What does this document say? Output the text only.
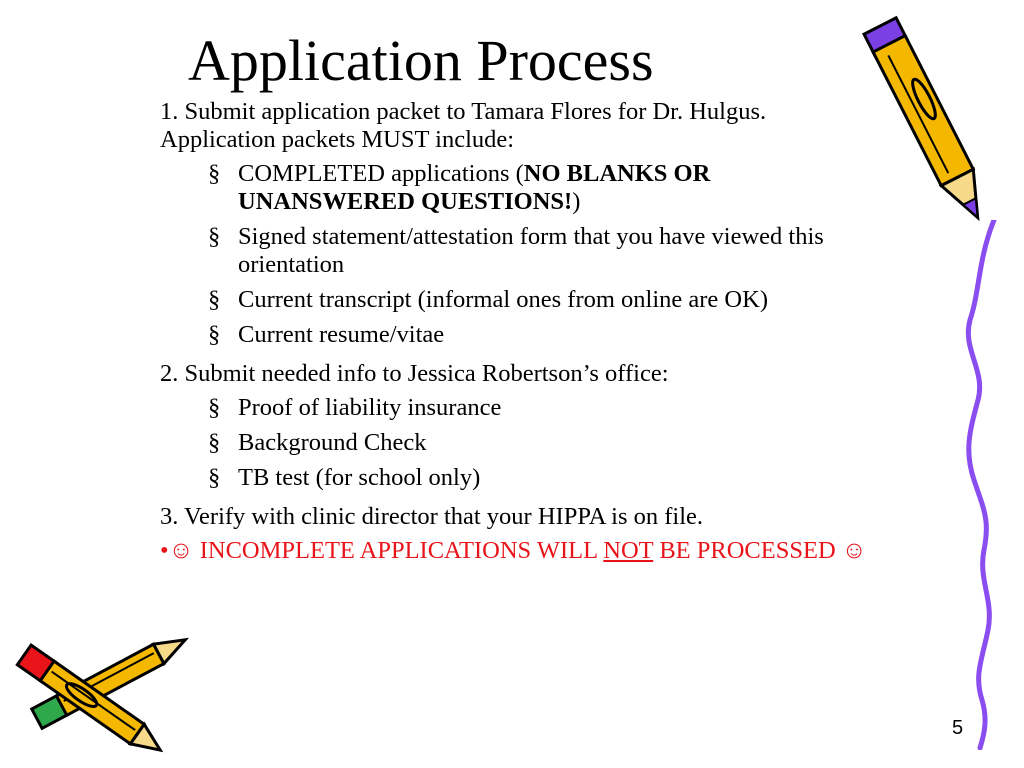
Application Process

1. Submit application packet to Tamara Flores for Dr. Hulgus. Application packets MUST include:

§ COMPLETED applications (NO BLANKS OR UNANSWERED QUESTIONS!)
§ Signed statement/attestation form that you have viewed this orientation
§ Current transcript (informal ones from online are OK)
§ Current resume/vitae

2. Submit needed info to Jessica Robertson’s office:

§ Proof of liability insurance
§ Background Check
§ TB test (for school only)

3. Verify with clinic director that your HIPPA is on file.

•☺ INCOMPLETE APPLICATIONS WILL NOT BE PROCESSED ☺

5
